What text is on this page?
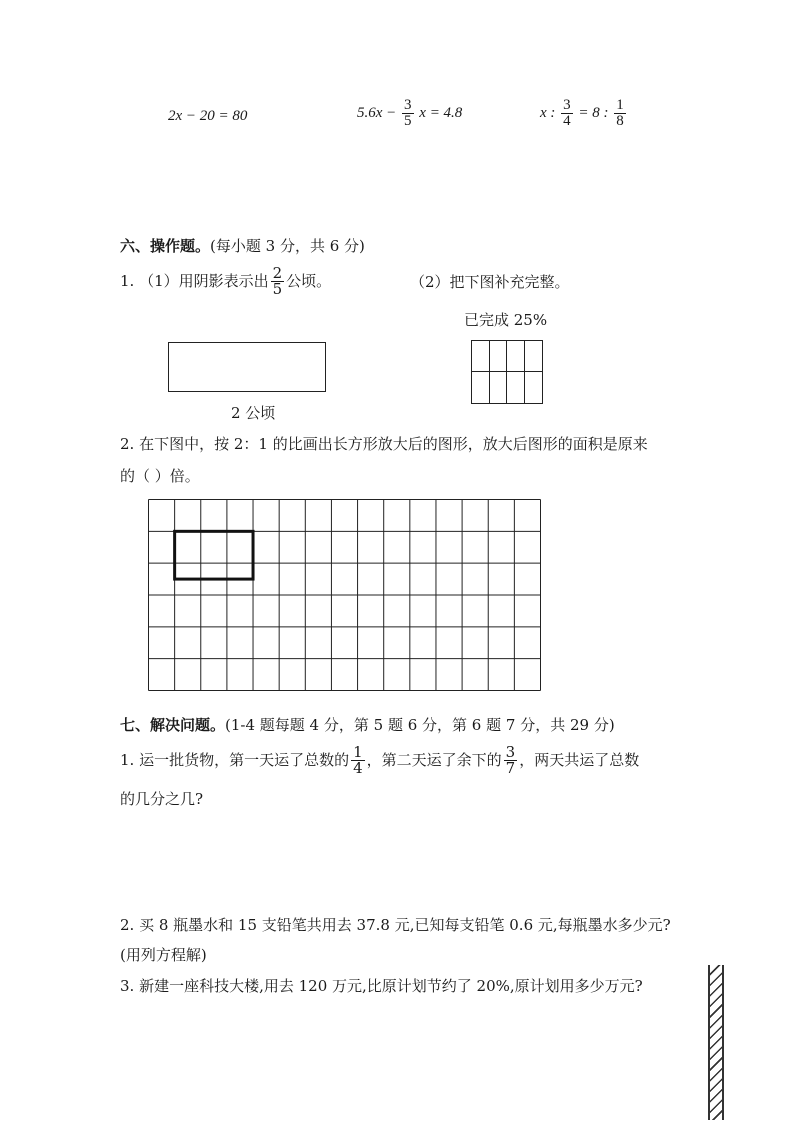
2x − 20 = 80	$5.6x - \frac{3}{5}$ x = 4.8	x : $\frac{3}{4} = 8$ : $\frac{1}{8}$
六、操作题。(每小题 3 分，共 6 分)
1. （1）用阴影表示出 $\frac{2}{5}$ 公顷。	（2）把下图补充完整。
已完成 25%
2 公顷
2. 在下图中，按 2：1 的比画出长方形放大后的图形，放大后图形的面积是原来
的（ ）倍。
七、解决问题。(1-4 题每题 4 分，第 5 题 6 分，第 6 题 7 分，共 29 分)
1. 运一批货物，第一天运了总数的 $\frac{1}{4}$ ，第二天运了余下的 $\frac{3}{7}$ ，两天共运了总数
的几分之几?
2. 买 8 瓶墨水和 15 支铅笔共用去 37.8 元,已知每支铅笔 0.6 元,每瓶墨水多少元?
(用列方程解)
3. 新建一座科技大楼,用去 120 万元,比原计划节约了 20%,原计划用多少万元?
